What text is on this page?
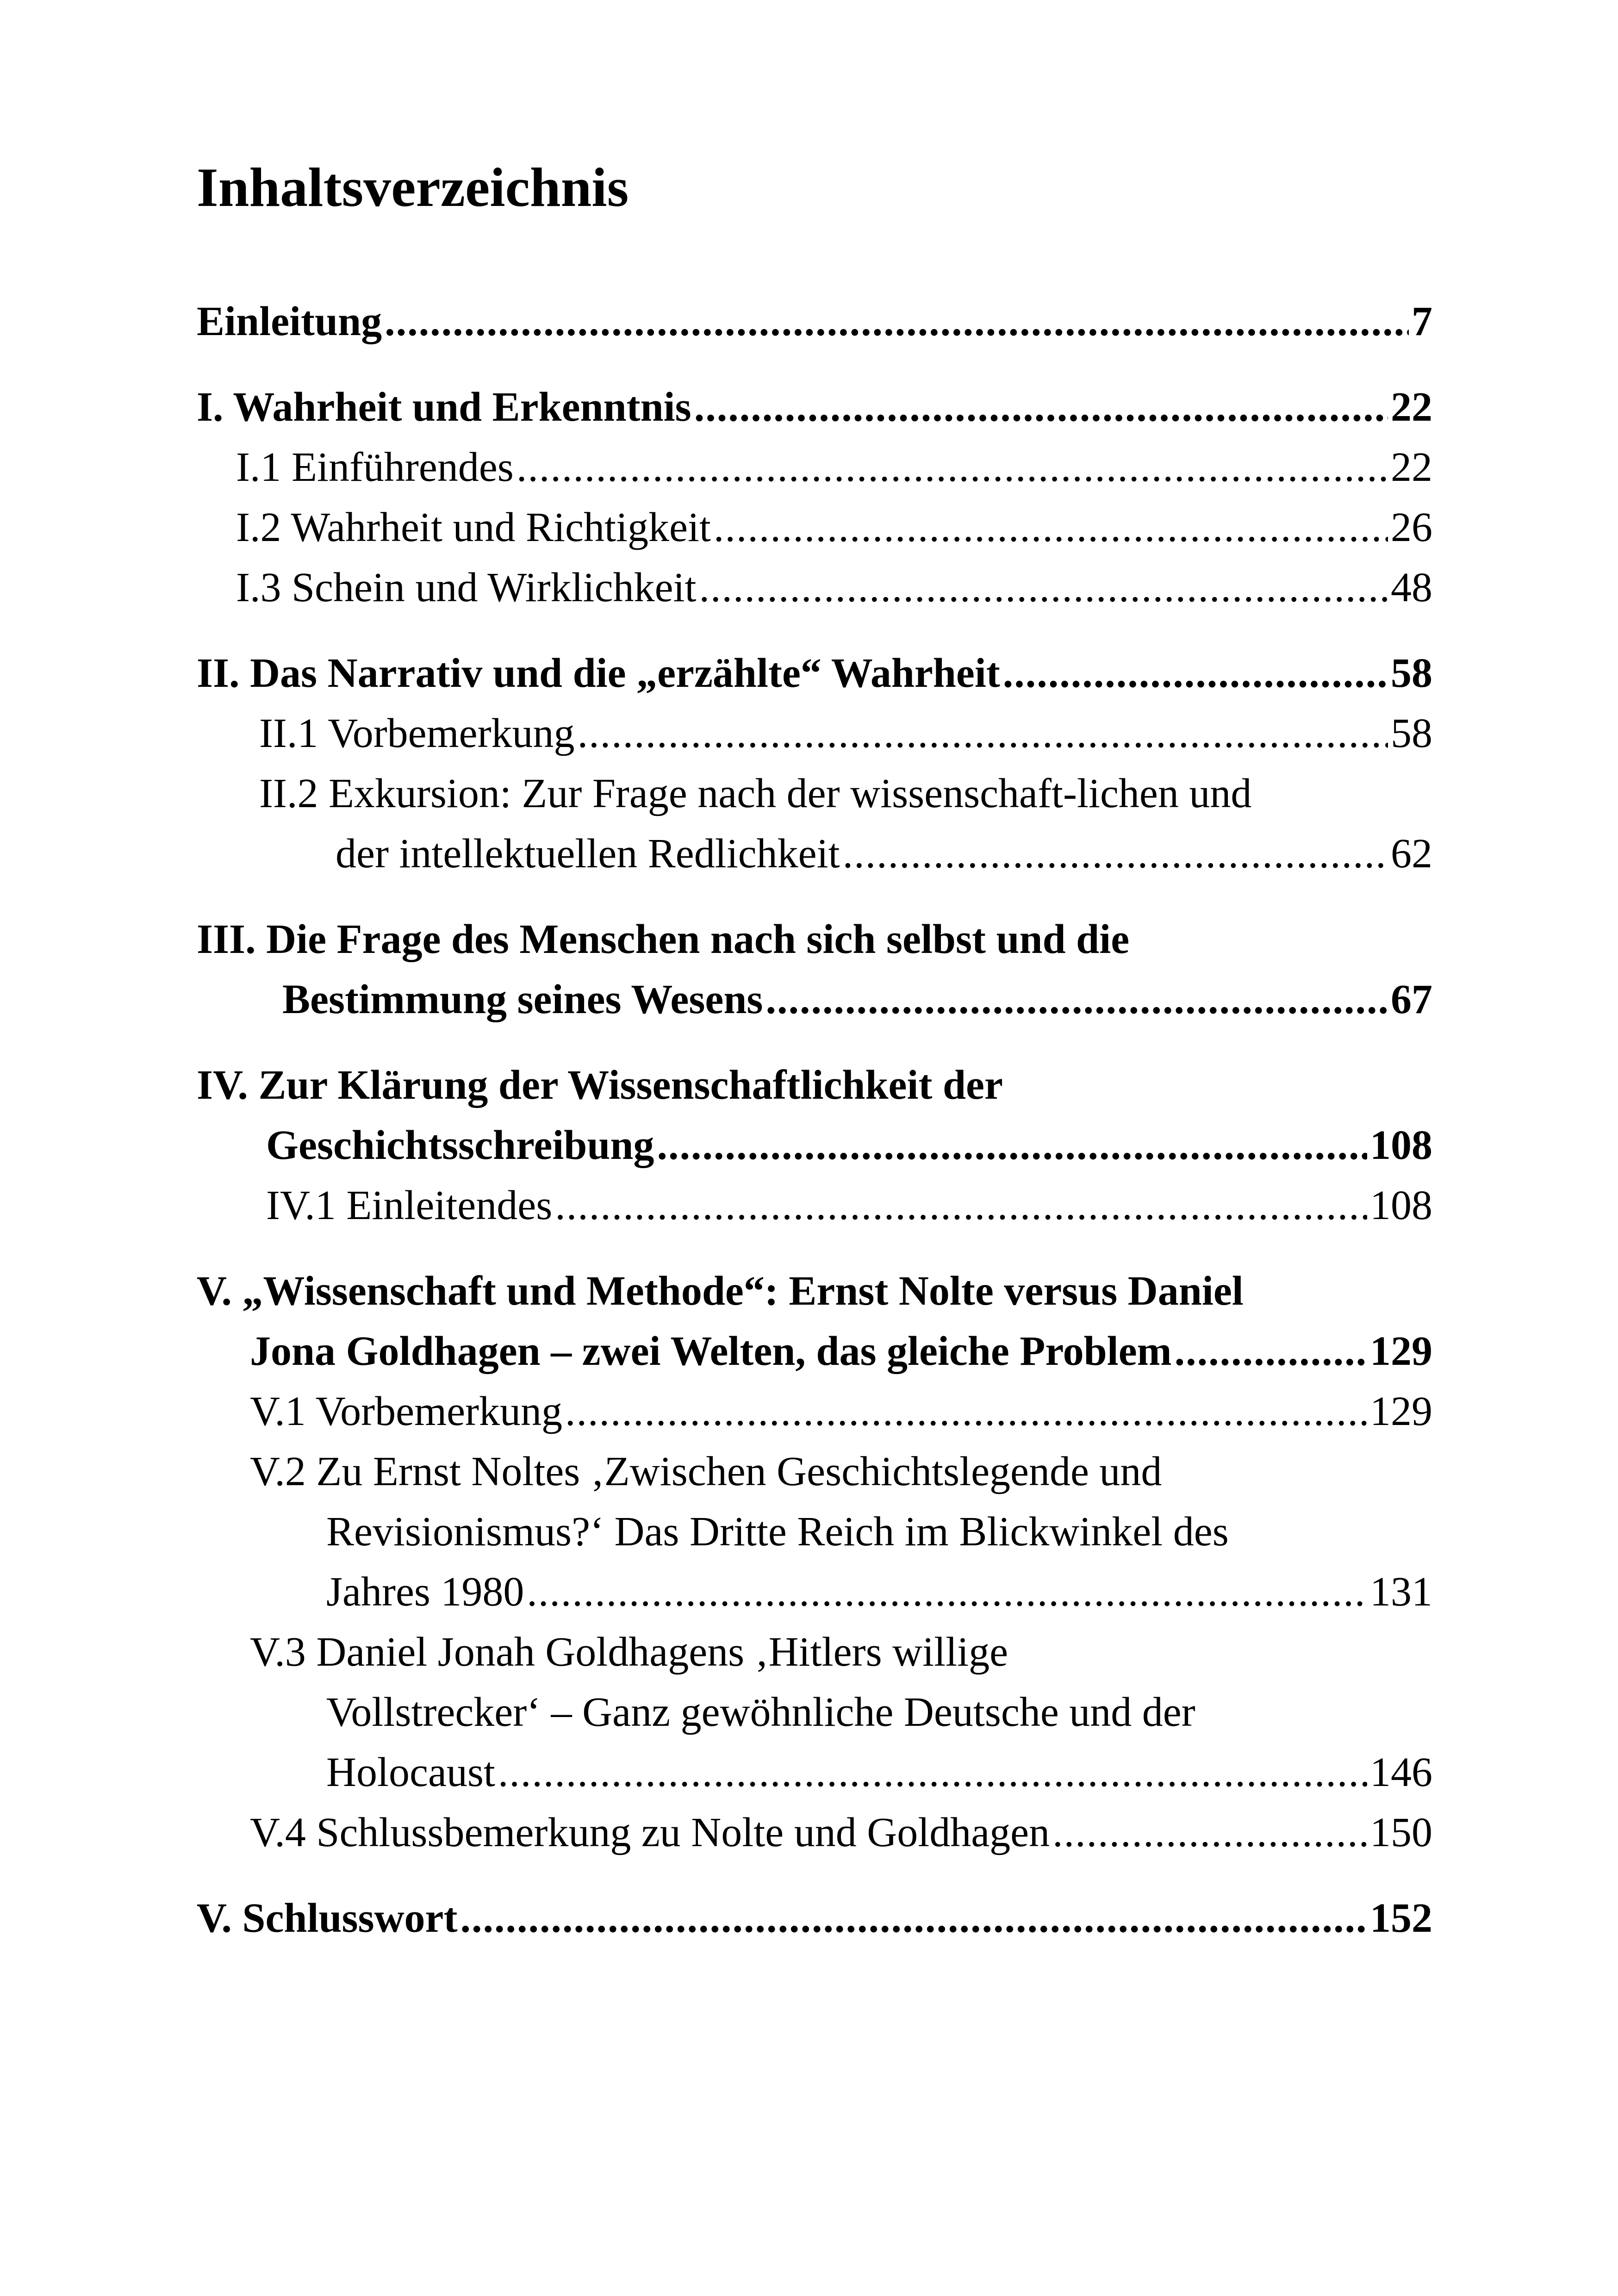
Inhaltsverzeichnis
Einleitung .....	7
I. Wahrheit und Erkenntnis .....	22
I.1 Einführendes .....	22
I.2 Wahrheit und Richtigkeit .....	26
I.3 Schein und Wirklichkeit .....	48
II. Das Narrativ und die „erzählte“ Wahrheit .....	58
II.1 Vorbemerkung .....	58
II.2 Exkursion: Zur Frage nach der wissenschaft-lichen und
der intellektuellen Redlichkeit .....	62
III. Die Frage des Menschen nach sich selbst und die
Bestimmung seines Wesens .....	67
IV. Zur Klärung der Wissenschaftlichkeit der
Geschichtsschreibung .....	108
IV.1 Einleitendes .....	108
V. „Wissenschaft und Methode“: Ernst Nolte versus Daniel
Jona Goldhagen – zwei Welten, das gleiche Problem .....	129
V.1 Vorbemerkung .....	129
V.2 Zu Ernst Noltes ‚Zwischen Geschichtslegende und
Revisionismus?‘ Das Dritte Reich im Blickwinkel des
Jahres 1980 .....	131
V.3 Daniel Jonah Goldhagens ‚Hitlers willige
Vollstrecker‘ – Ganz gewöhnliche Deutsche und der
Holocaust .....	146
V.4 Schlussbemerkung zu Nolte und Goldhagen .....	150
V. Schlusswort .....	152
